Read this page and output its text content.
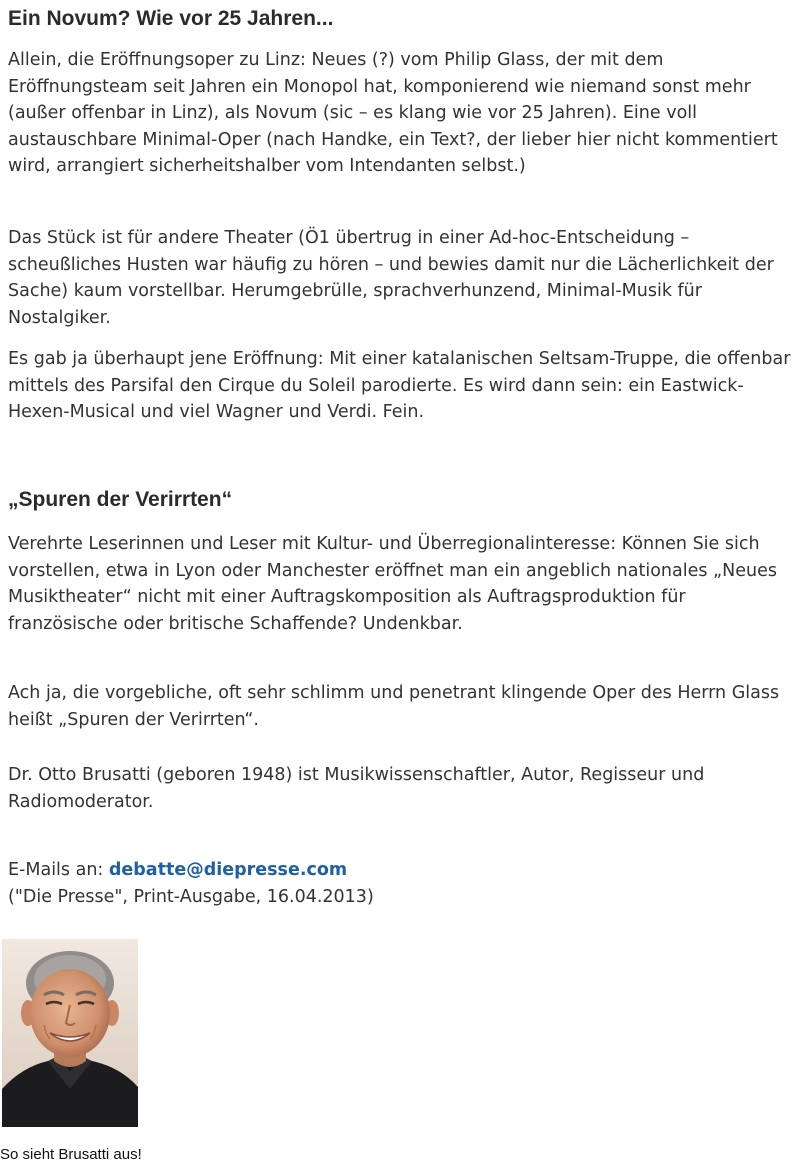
Ein Novum? Wie vor 25 Jahren...

Allein, die Eröffnungsoper zu Linz: Neues (?) vom Philip Glass, der mit dem Eröffnungsteam seit Jahren ein Monopol hat, komponierend wie niemand sonst mehr (außer offenbar in Linz), als Novum (sic – es klang wie vor 25 Jahren). Eine voll austauschbare Minimal-Oper (nach Handke, ein Text?, der lieber hier nicht kommentiert wird, arrangiert sicherheitshalber vom Intendanten selbst.)

Das Stück ist für andere Theater (Ö1 übertrug in einer Ad-hoc-Entscheidung – scheußliches Husten war häufig zu hören – und bewies damit nur die Lächerlichkeit der Sache) kaum vorstellbar. Herumgebrülle, sprachverhunzend, Minimal-Musik für Nostalgiker.

Es gab ja überhaupt jene Eröffnung: Mit einer katalanischen Seltsam-Truppe, die offenbar mittels des Parsifal den Cirque du Soleil parodierte. Es wird dann sein: ein Eastwick-Hexen-Musical und viel Wagner und Verdi. Fein.

„Spuren der Verirrten“

Verehrte Leserinnen und Leser mit Kultur- und Überregionalinteresse: Können Sie sich vorstellen, etwa in Lyon oder Manchester eröffnet man ein angeblich nationales „Neues Musiktheater“ nicht mit einer Auftragskomposition als Auftragsproduktion für französische oder britische Schaffende? Undenkbar.

Ach ja, die vorgebliche, oft sehr schlimm und penetrant klingende Oper des Herrn Glass heißt „Spuren der Verirrten“.

Dr. Otto Brusatti (geboren 1948) ist Musikwissenschaftler, Autor, Regisseur und Radiomoderator.

E-Mails an: debatte@diepresse.com
("Die Presse", Print-Ausgabe, 16.04.2013)

So sieht Brusatti aus!
